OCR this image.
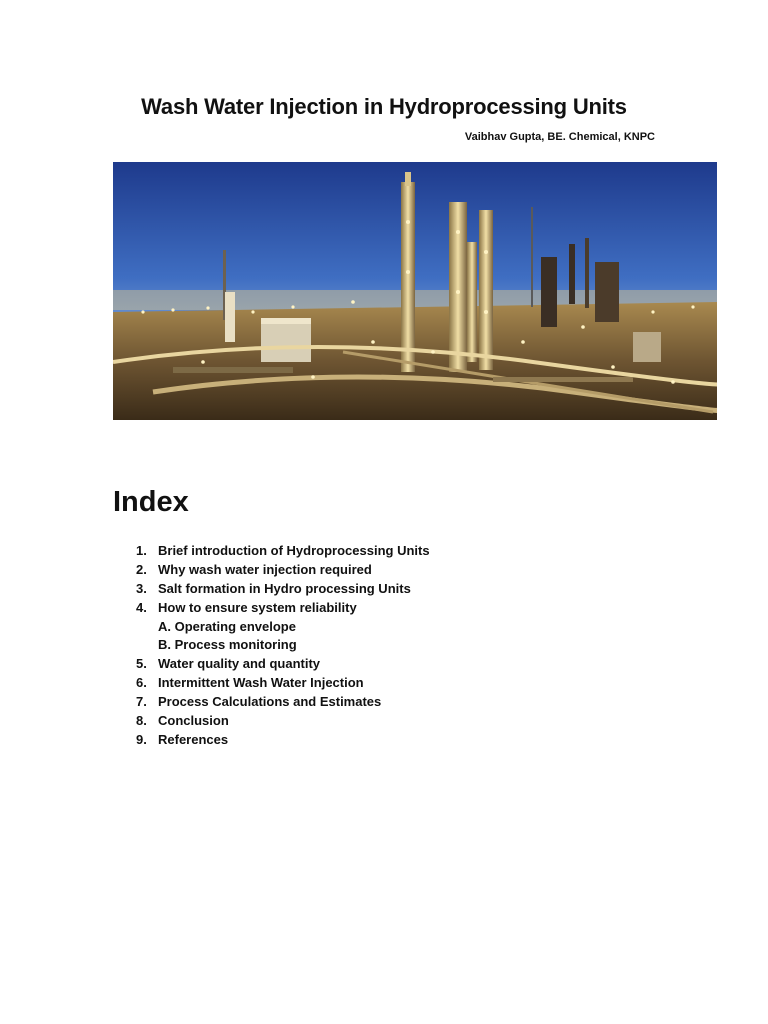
Wash Water Injection in Hydroprocessing Units

Vaibhav Gupta, BE. Chemical, KNPC

Index
1. Brief introduction of Hydroprocessing Units
2. Why wash water injection required
3. Salt formation in Hydro processing Units
4. How to ensure system reliability
A. Operating envelope
B. Process monitoring
5. Water quality and quantity
6. Intermittent Wash Water Injection
7. Process Calculations and Estimates
8. Conclusion
9. References
